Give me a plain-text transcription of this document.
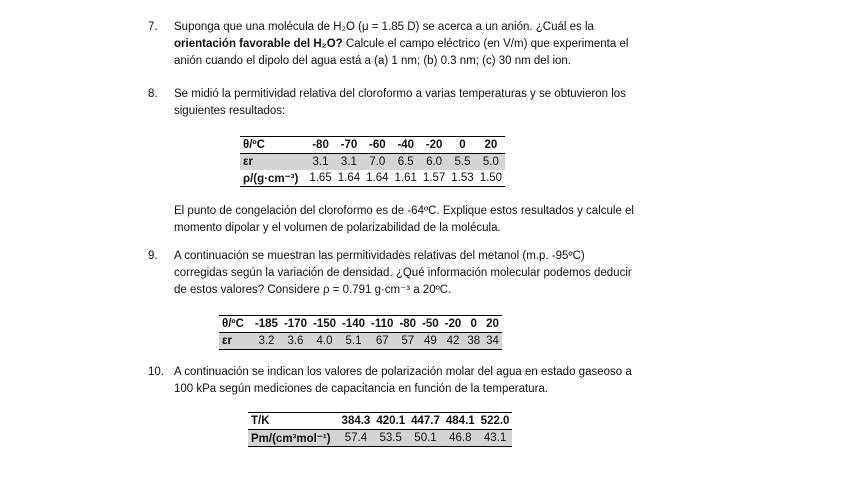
7. Suponga que una molécula de H₂O (μ = 1.85 D) se acerca a un anión. ¿Cuál es la
orientación favorable del H₂O? Calcule el campo eléctrico (en V/m) que experimenta el
anión cuando el dipolo del agua está a (a) 1 nm; (b) 0.3 nm; (c) 30 nm del ion.
8. Se midió la permitividad relativa del cloroformo a varias temperaturas y se obtuvieron los
siguientes resultados:
θ/ºC	-80	-70	-60	-40	-20	0	20
εr	3.1	3.1	7.0	6.5	6.0	5.5	5.0
ρ/(g·cm⁻³)	1.65	1.64	1.64	1.61	1.57	1.53	1.50
El punto de congelación del cloroformo es de -64ºC. Explique estos resultados y calcule el
momento dipolar y el volumen de polarizabilidad de la molécula.
9. A continuación se muestran las permitividades relativas del metanol (m.p. -95ºC)
corregidas según la variación de densidad. ¿Qué información molecular podemos deducir
de estos valores? Considere ρ = 0.791 g·cm⁻³ a 20ºC.
θ/ºC	-185	-170	-150	-140	-110	-80	-50	-20	0	20
εr	3.2	3.6	4.0	5.1	67	57	49	42	38	34
10. A continuación se indican los valores de polarización molar del agua en estado gaseoso a
100 kPa según mediciones de capacitancia en función de la temperatura.
T/K	384.3	420.1	447.7	484.1	522.0
Pm/(cm³mol⁻¹)	57.4	53.5	50.1	46.8	43.1
